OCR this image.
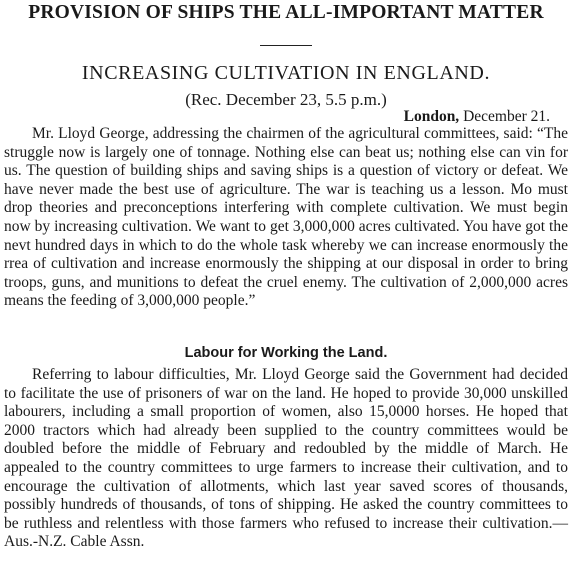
PROVISION OF SHIPS THE ALL-IMPORTANT MATTER
INCREASING CULTIVATION IN ENGLAND.
(Rec. December 23, 5.5 p.m.)
London, December 21.

Mr. Lloyd George, addressing the chairmen of the agricultural committees, said: “The struggle now is largely one of tonnage. Nothing else can beat us; nothing else can vin for us. The question of building ships and saving ships is a question of victory or defeat. We have never made the best use of agriculture. The war is teaching us a lesson. Mo must drop theories and preconceptions interfering with complete cultivation. We must begin now by increasing cultivation. We want to get 3,000,000 acres cultivated. You have got the nevt hundred days in which to do the whole task whereby we can increase enormously the rrea of cultivation and increase enormously the shipping at our disposal in order to bring troops, guns, and munitions to defeat the cruel enemy. The cultivation of 2,000,000 acres means the feeding of 3,000,000 people.”

Labour for Working the Land.

Referring to labour difficulties, Mr. Lloyd George said the Government had decided to facilitate the use of prisoners of war on the land. He hoped to provide 30,000 unskilled labourers, including a small proportion of women, also 15,0000 horses. He hoped that 2000 tractors which had already been supplied to the country committees would be doubled before the middle of February and redoubled by the middle of March. He appealed to the country committees to urge farmers to increase their cultivation, and to encourage the cultivation of allotments, which last year saved scores of thousands, possibly hundreds of thousands, of tons of shipping. He asked the country committees to be ruthless and relentless with those farmers who refused to increase their cultivation.—Aus.-N.Z. Cable Assn.
